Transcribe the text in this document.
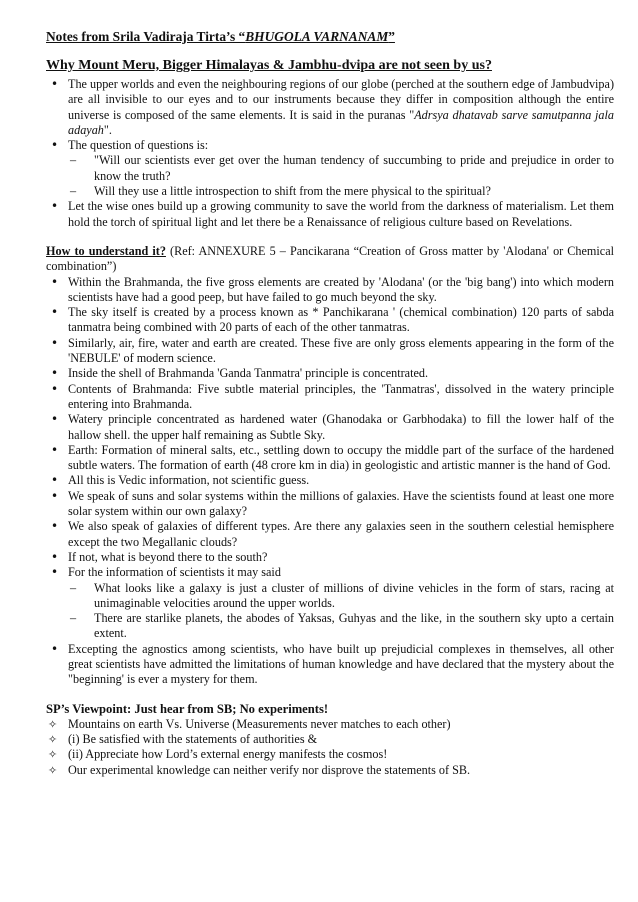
Notes from Srila Vadiraja Tirta’s “BHUGOLA VARNANAM”
Why Mount Meru, Bigger Himalayas & Jambhu-dvipa are not seen by us?
• The upper worlds and even the neighbouring regions of our globe (perched at the southern edge of Jambudvipa) are all invisible to our eyes and to our instruments because they differ in composition although the entire universe is composed of the same elements. It is said in the puranas "Adrsya dhatavab sarve samutpanna jala adayah".
• The question of questions is:
– "Will our scientists ever get over the human tendency of succumbing to pride and prejudice in order to know the truth?
– Will they use a little introspection to shift from the mere physical to the spiritual?
• Let the wise ones build up a growing community to save the world from the darkness of materialism. Let them hold the torch of spiritual light and let there be a Renaissance of religious culture based on Revelations.

How to understand it? (Ref: ANNEXURE 5 – Pancikarana “Creation of Gross matter by 'Alodana' or Chemical combination”)

• Within the Brahmanda, the five gross elements are created by 'Alodana' (or the 'big bang') into which modern scientists have had a good peep, but have failed to go much beyond the sky.
• The sky itself is created by a process known as * Panchikarana ' (chemical combination) 120 parts of sabda tanmatra being combined with 20 parts of each of the other tanmatras.
• Similarly, air, fire, water and earth are created. These five are only gross elements appearing in the form of the 'NEBULE' of modern science.
• Inside the shell of Brahmanda 'Ganda Tanmatra' principle is concentrated.
• Contents of Brahmanda: Five subtle material principles, the 'Tanmatras', dissolved in the watery principle entering into Brahmanda.
• Watery principle concentrated as hardened water (Ghanodaka or Garbhodaka) to fill the lower half of the hallow shell. the upper half remaining as Subtle Sky.
• Earth: Formation of mineral salts, etc., settling down to occupy the middle part of the surface of the hardened subtle waters. The formation of earth (48 crore km in dia) in geologistic and artistic manner is the hand of God.
• All this is Vedic information, not scientific guess.
• We speak of suns and solar systems within the millions of galaxies. Have the scientists found at least one more solar system within our own galaxy?
• We also speak of galaxies of different types. Are there any galaxies seen in the southern celestial hemisphere except the two Megallanic clouds?
• If not, what is beyond there to the south?
• For the information of scientists it may said
– What looks like a galaxy is just a cluster of millions of divine vehicles in the form of stars, racing at unimaginable velocities around the upper worlds.
– There are starlike planets, the abodes of Yaksas, Guhyas and the like, in the southern sky upto a certain extent.
• Excepting the agnostics among scientists, who have built up prejudicial complexes in themselves, all other great scientists have admitted the limitations of human knowledge and have declared that the mystery about the "beginning' is ever a mystery for them.

SP’s Viewpoint: Just hear from SB; No experiments!

✧ Mountains on earth Vs. Universe (Measurements never matches to each other)
✧ (i) Be satisfied with the statements of authorities &
✧ (ii) Appreciate how Lord’s external energy manifests the cosmos!
✧ Our experimental knowledge can neither verify nor disprove the statements of SB.
